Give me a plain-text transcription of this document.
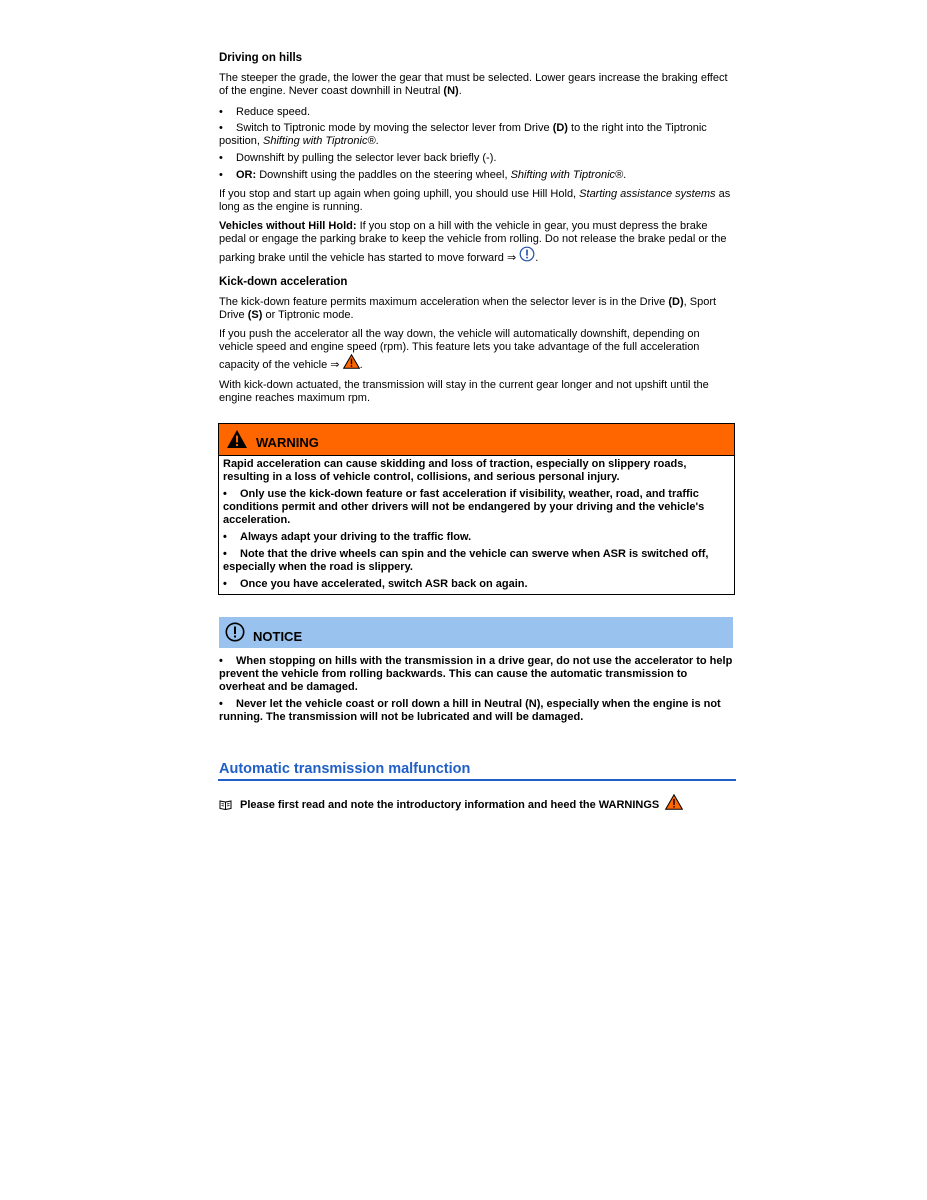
Driving on hills
The steeper the grade, the lower the gear that must be selected. Lower gears increase the braking effect of the engine. Never coast downhill in Neutral (N).
• Reduce speed.
• Switch to Tiptronic mode by moving the selector lever from Drive (D) to the right into the Tiptronic position, Shifting with Tiptronic®.
• Downshift by pulling the selector lever back briefly (-).
• OR: Downshift using the paddles on the steering wheel, Shifting with Tiptronic®.
If you stop and start up again when going uphill, you should use Hill Hold, Starting assistance systems as long as the engine is running.
Vehicles without Hill Hold: If you stop on a hill with the vehicle in gear, you must depress the brake pedal or engage the parking brake to keep the vehicle from rolling. Do not release the brake pedal or the parking brake until the vehicle has started to move forward ⇒ .
Kick-down acceleration
The kick-down feature permits maximum acceleration when the selector lever is in the Drive (D), Sport Drive (S) or Tiptronic mode.
If you push the accelerator all the way down, the vehicle will automatically downshift, depending on vehicle speed and engine speed (rpm). This feature lets you take advantage of the full acceleration capacity of the vehicle ⇒ .
With kick-down actuated, the transmission will stay in the current gear longer and not upshift until the engine reaches maximum rpm.
WARNING
Rapid acceleration can cause skidding and loss of traction, especially on slippery roads, resulting in a loss of vehicle control, collisions, and serious personal injury.
• Only use the kick-down feature or fast acceleration if visibility, weather, road, and traffic conditions permit and other drivers will not be endangered by your driving and the vehicle's acceleration.
• Always adapt your driving to the traffic flow.
• Note that the drive wheels can spin and the vehicle can swerve when ASR is switched off, especially when the road is slippery.
• Once you have accelerated, switch ASR back on again.
NOTICE
• When stopping on hills with the transmission in a drive gear, do not use the accelerator to help prevent the vehicle from rolling backwards. This can cause the automatic transmission to overheat and be damaged.
• Never let the vehicle coast or roll down a hill in Neutral (N), especially when the engine is not running. The transmission will not be lubricated and will be damaged.
Automatic transmission malfunction
Please first read and note the introductory information and heed the WARNINGS
